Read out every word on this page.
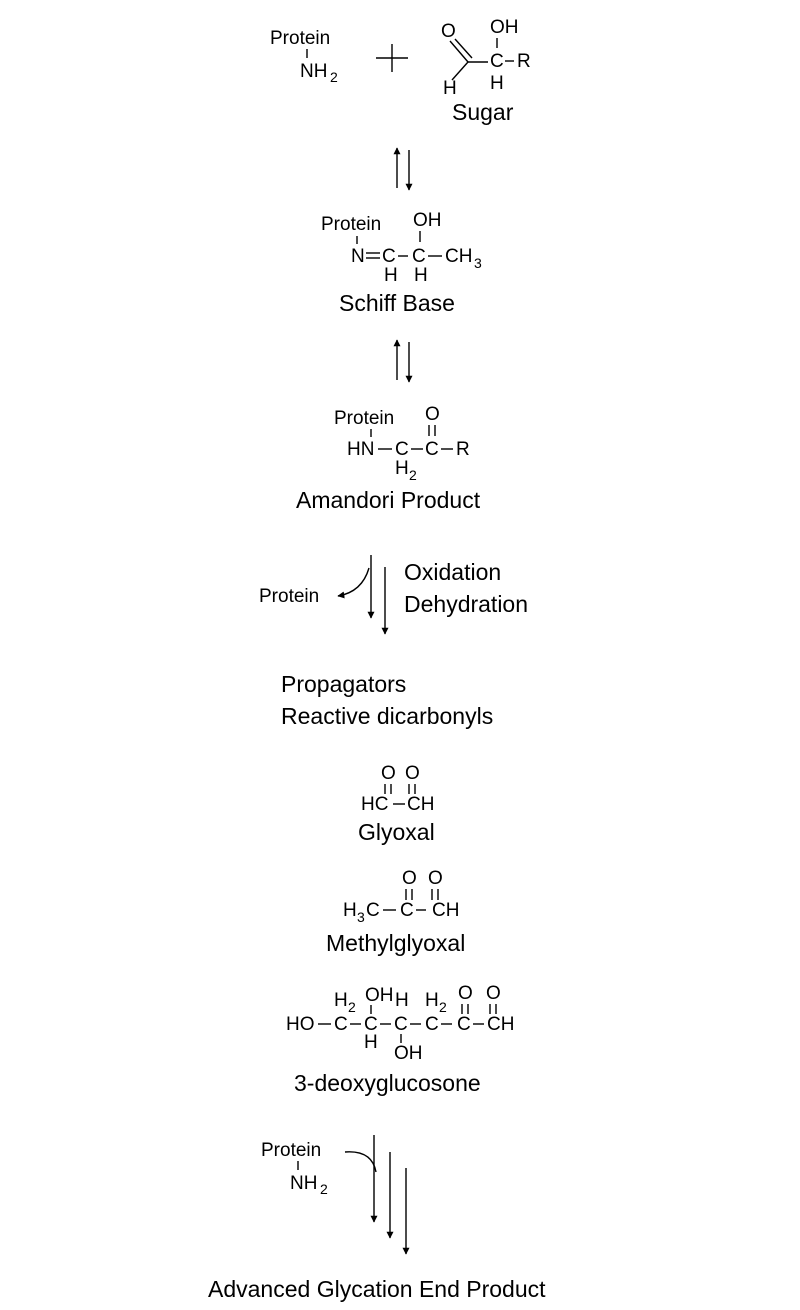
Protein
NH 2
O
H
OH
C R
H
Sugar
Protein
N C
H
OH
C
H
CH 3
Schiff Base
Protein
HN C
H 2
O
C R
Amandori Product
Protein
Oxidation
Dehydration
Propagators
Reactive dicarbonyls
O O
HC CH
Glyoxal
O O
H 3 C C CH
Methylglyoxal
HO
H 2
C
OH
C
H
H
C
OH
H 2
C
O
C
O
CH
3-deoxyglucosone
Protein
NH 2
Advanced Glycation End Product
